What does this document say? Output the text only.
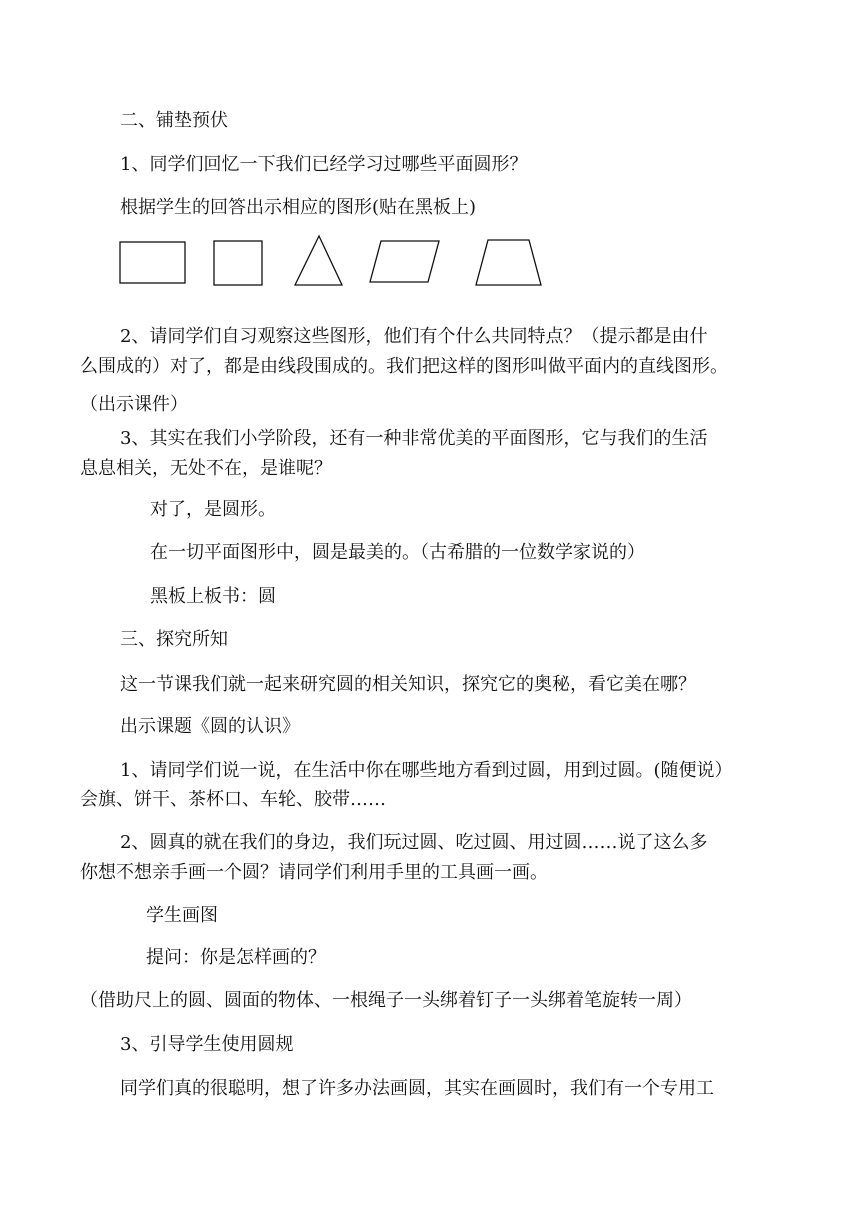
二、铺垫预伏
1、同学们回忆一下我们已经学习过哪些平面圆形？
根据学生的回答出示相应的图形(贴在黑板上)
2、请同学们自习观察这些图形，他们有个什么共同特点？（提示都是由什
么围成的）对了，都是由线段围成的。我们把这样的图形叫做平面内的直线图形。
（出示课件）
3、其实在我们小学阶段，还有一种非常优美的平面图形，它与我们的生活
息息相关，无处不在，是谁呢？
对了，是圆形。
在一切平面图形中，圆是最美的。（古希腊的一位数学家说的）
黑板上板书：圆
三、探究所知
这一节课我们就一起来研究圆的相关知识，探究它的奥秘，看它美在哪？
出示课题《圆的认识》
1、请同学们说一说，在生活中你在哪些地方看到过圆，用到过圆。(随便说）
会旗、饼干、茶杯口、车轮、胶带……
2、圆真的就在我们的身边，我们玩过圆、吃过圆、用过圆……说了这么多
你想不想亲手画一个圆？请同学们利用手里的工具画一画。
学生画图
提问：你是怎样画的？
（借助尺上的圆、圆面的物体、一根绳子一头绑着钉子一头绑着笔旋转一周）
3、引导学生使用圆规
同学们真的很聪明，想了许多办法画圆，其实在画圆时，我们有一个专用工
